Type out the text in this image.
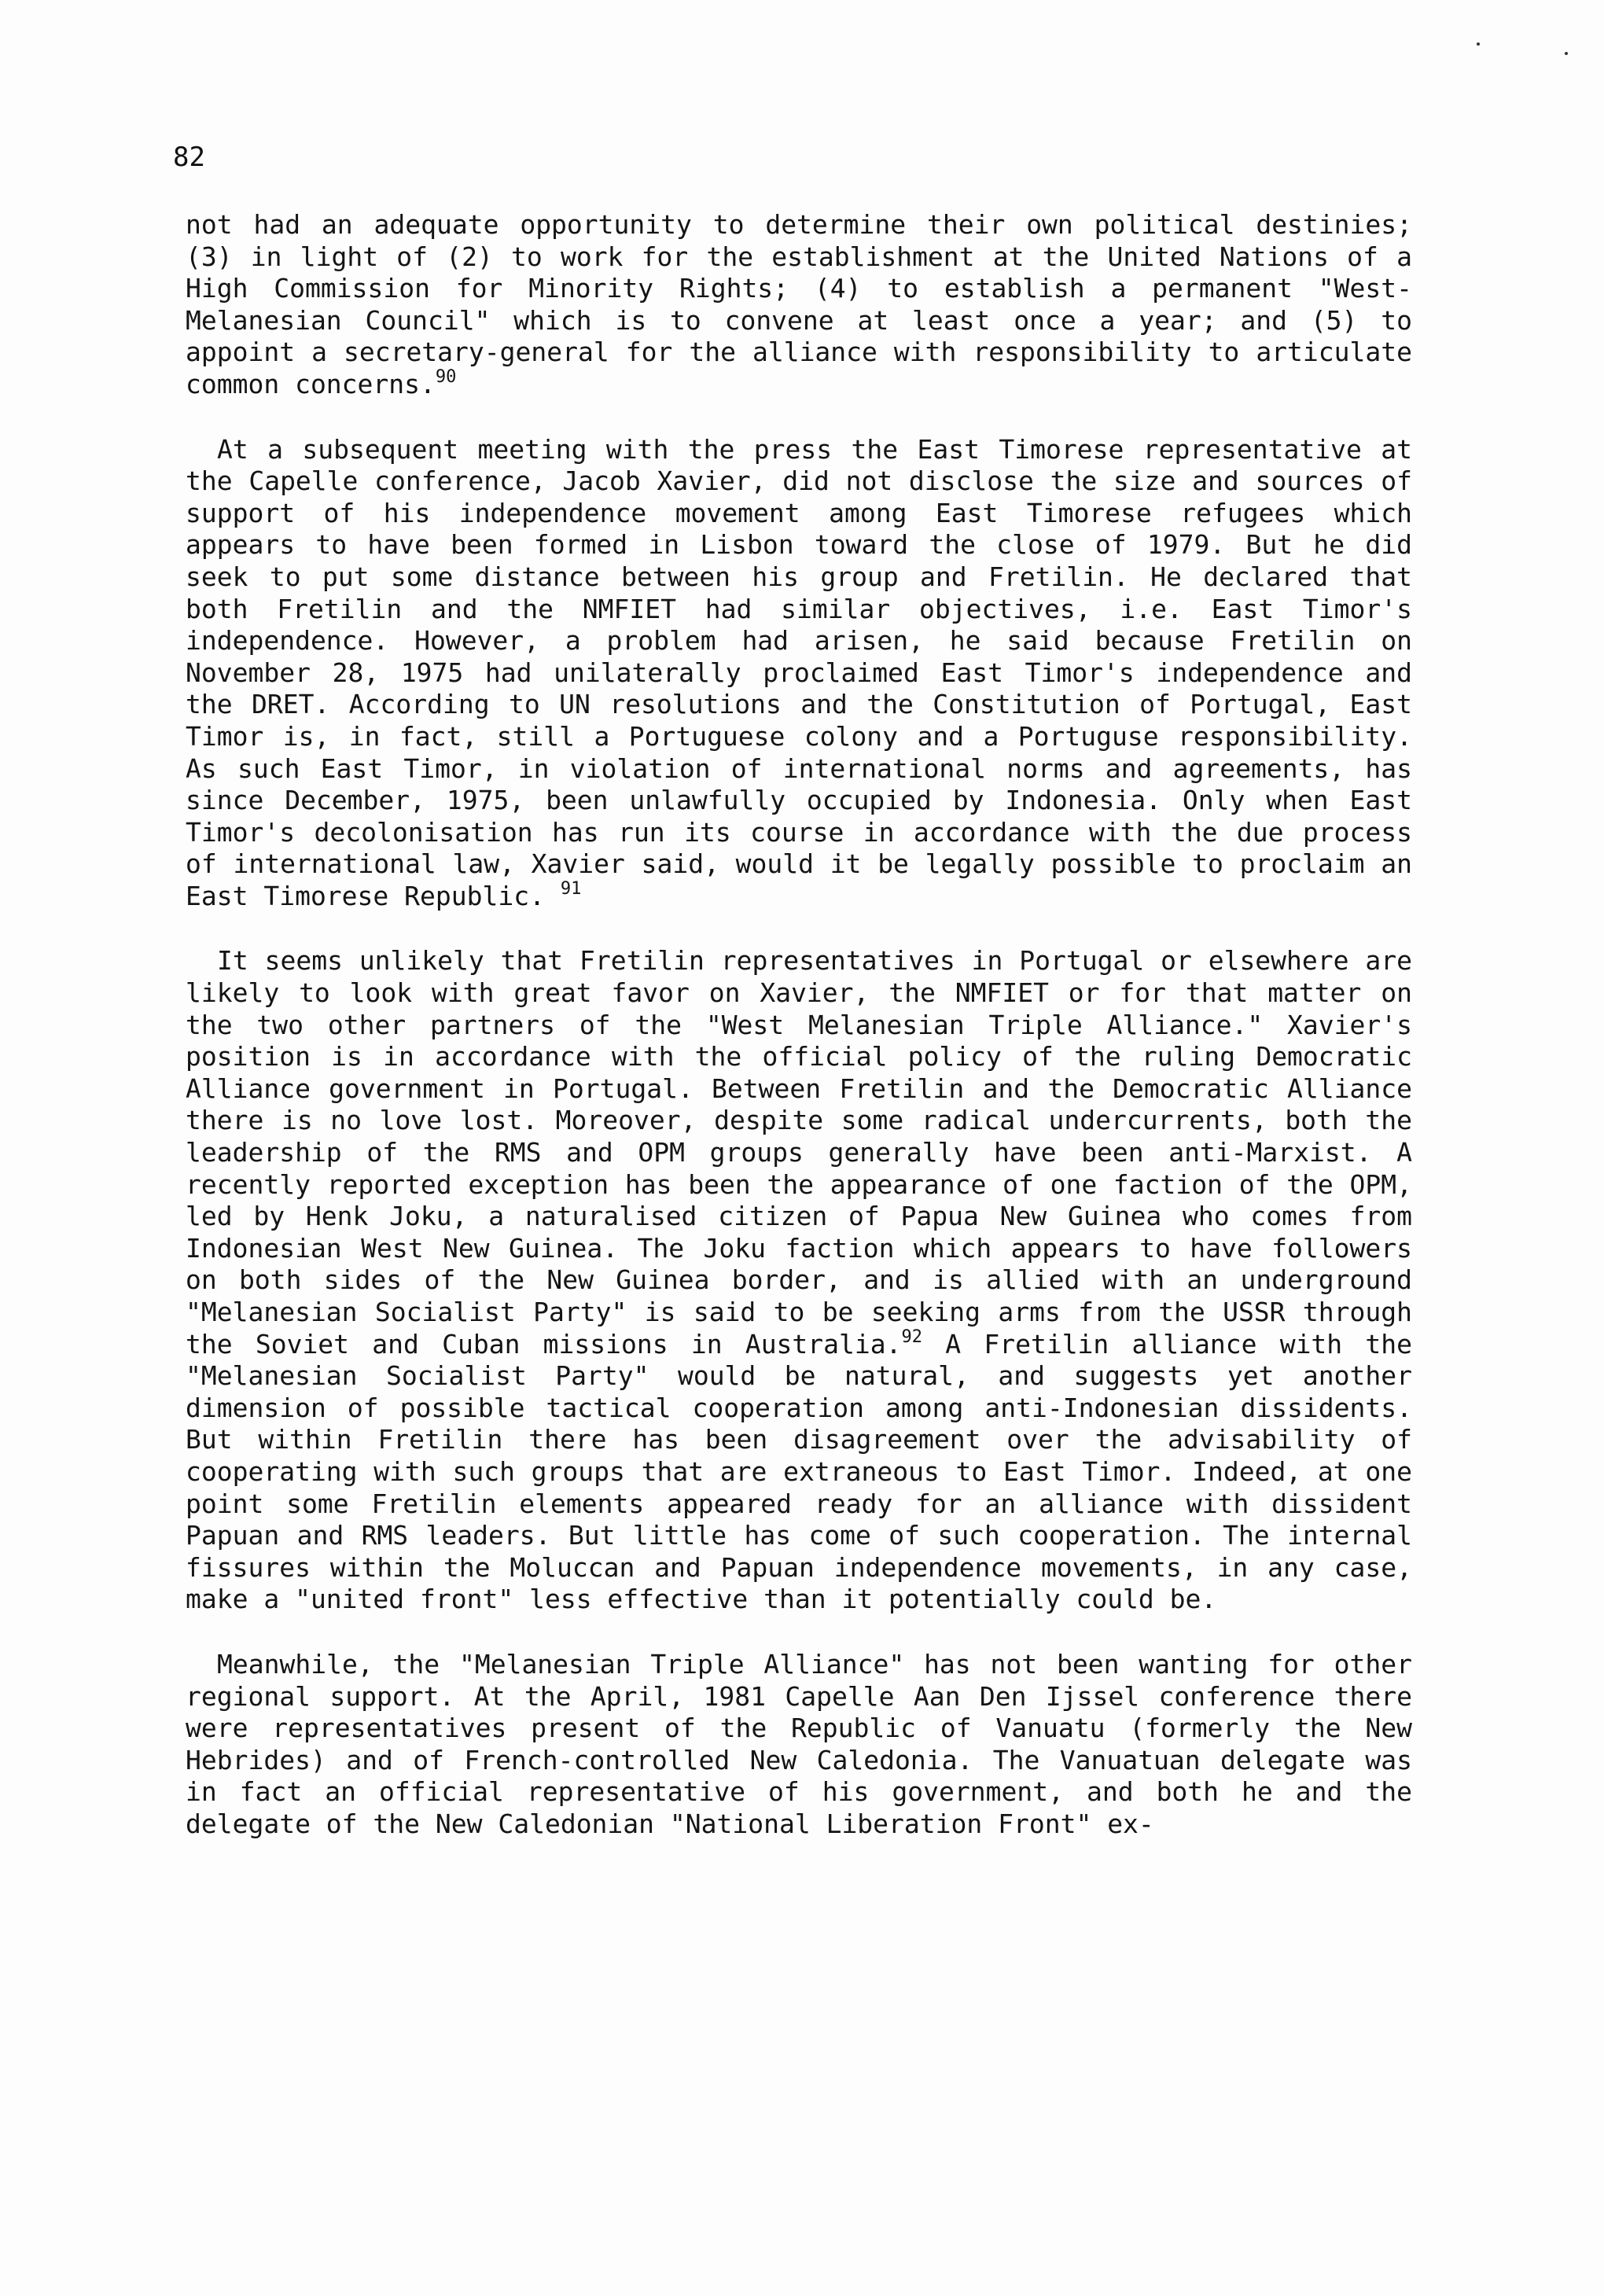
82

not had an adequate opportunity to determine their own political destinies; (3) in light of (2) to work for the establishment at the United Nations of a High Commission for Minority Rights; (4) to establish a permanent "West-Melanesian Council" which is to convene at least once a year; and (5) to appoint a secretary-general for the alliance with responsibility to articulate common concerns.$^{90}$

At a subsequent meeting with the press the East Timorese representative at the Capelle conference, Jacob Xavier, did not disclose the size and sources of support of his independence movement among East Timorese refugees which appears to have been formed in Lisbon toward the close of 1979. But he did seek to put some distance between his group and Fretilin. He declared that both Fretilin and the NMFIET had similar objectives, i.e. East Timor's independence. However, a problem had arisen, he said because Fretilin on November 28, 1975 had unilaterally proclaimed East Timor's independence and the DRET. According to UN resolutions and the Constitution of Portugal, East Timor is, in fact, still a Portuguese colony and a Portuguse responsibility. As such East Timor, in violation of international norms and agreements, has since December, 1975, been unlawfully occupied by Indonesia. Only when East Timor's decolonisation has run its course in accordance with the due process of international law, Xavier said, would it be legally possible to proclaim an East Timorese Republic. $^{91}$

It seems unlikely that Fretilin representatives in Portugal or elsewhere are likely to look with great favor on Xavier, the NMFIET or for that matter on the two other partners of the "West Melanesian Triple Alliance." Xavier's position is in accordance with the official policy of the ruling Democratic Alliance government in Portugal. Between Fretilin and the Democratic Alliance there is no love lost. Moreover, despite some radical undercurrents, both the leadership of the RMS and OPM groups generally have been anti-Marxist. A recently reported exception has been the appearance of one faction of the OPM, led by Henk Joku, a naturalised citizen of Papua New Guinea who comes from Indonesian West New Guinea. The Joku faction which appears to have followers on both sides of the New Guinea border, and is allied with an underground "Melanesian Socialist Party" is said to be seeking arms from the USSR through the Soviet and Cuban missions in Australia.$^{92}$ A Fretilin alliance with the "Melanesian Socialist Party" would be natural, and suggests yet another dimension of possible tactical cooperation among anti-Indonesian dissidents. But within Fretilin there has been disagreement over the advisability of cooperating with such groups that are extraneous to East Timor. Indeed, at one point some Fretilin elements appeared ready for an alliance with dissident Papuan and RMS leaders. But little has come of such cooperation. The internal fissures within the Moluccan and Papuan independence movements, in any case, make a "united front" less effective than it potentially could be.

Meanwhile, the "Melanesian Triple Alliance" has not been wanting for other regional support. At the April, 1981 Capelle Aan Den Ijssel conference there were representatives present of the Republic of Vanuatu (formerly the New Hebrides) and of French-controlled New Caledonia. The Vanuatuan delegate was in fact an official representative of his government, and both he and the delegate of the New Caledonian "National Liberation Front" ex-
